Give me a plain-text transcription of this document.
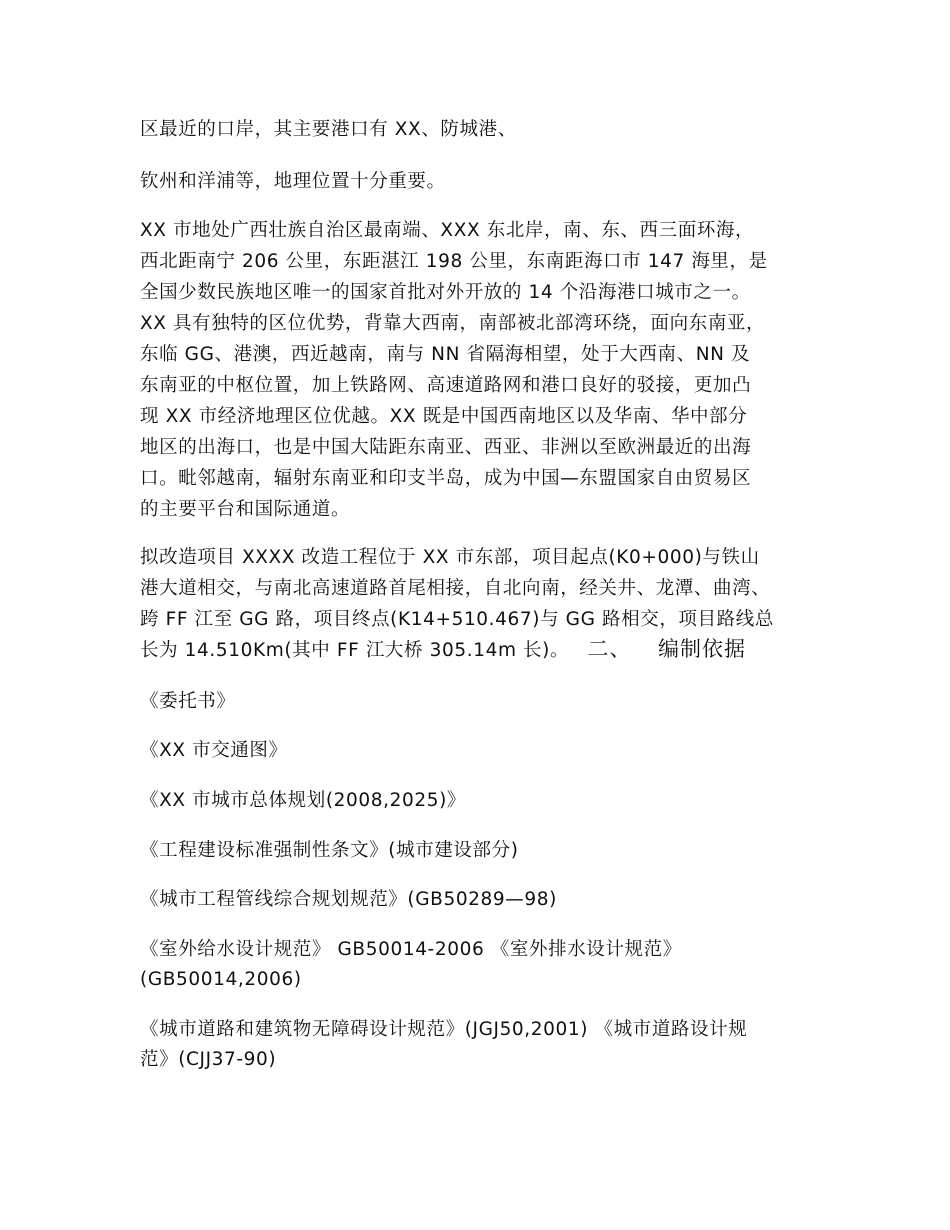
区最近的口岸，其主要港口有 XX、防城港、
钦州和洋浦等，地理位置十分重要。
XX 市地处广西壮族自治区最南端、XXX 东北岸，南、东、西三面环海，
西北距南宁 206 公里，东距湛江 198 公里，东南距海口市 147 海里，是
全国少数民族地区唯一的国家首批对外开放的 14 个沿海港口城市之一。
XX 具有独特的区位优势，背靠大西南，南部被北部湾环绕，面向东南亚，
东临 GG、港澳，西近越南，南与 NN 省隔海相望，处于大西南、NN 及
东南亚的中枢位置，加上铁路网、高速道路网和港口良好的驳接，更加凸
现 XX 市经济地理区位优越。XX 既是中国西南地区以及华南、华中部分
地区的出海口，也是中国大陆距东南亚、西亚、非洲以至欧洲最近的出海
口。毗邻越南，辐射东南亚和印支半岛，成为中国—东盟国家自由贸易区
的主要平台和国际通道。
拟改造项目 XXXX 改造工程位于 XX 市东部，项目起点(K0+000)与铁山
港大道相交，与南北高速道路首尾相接，自北向南，经关井、龙潭、曲湾、
跨 FF 江至 GG 路，项目终点(K14+510.467)与 GG 路相交，项目路线总
长为 14.510Km(其中 FF 江大桥 305.14m 长)。 二、 编制依据
《委托书》
《XX 市交通图》
《XX 市城市总体规划(2008,2025)》
《工程建设标准强制性条文》(城市建设部分)
《城市工程管线综合规划规范》(GB50289—98)
《室外给水设计规范》 GB50014-2006 《室外排水设计规范》
(GB50014,2006)
《城市道路和建筑物无障碍设计规范》(JGJ50,2001) 《城市道路设计规
范》(CJJ37-90)
